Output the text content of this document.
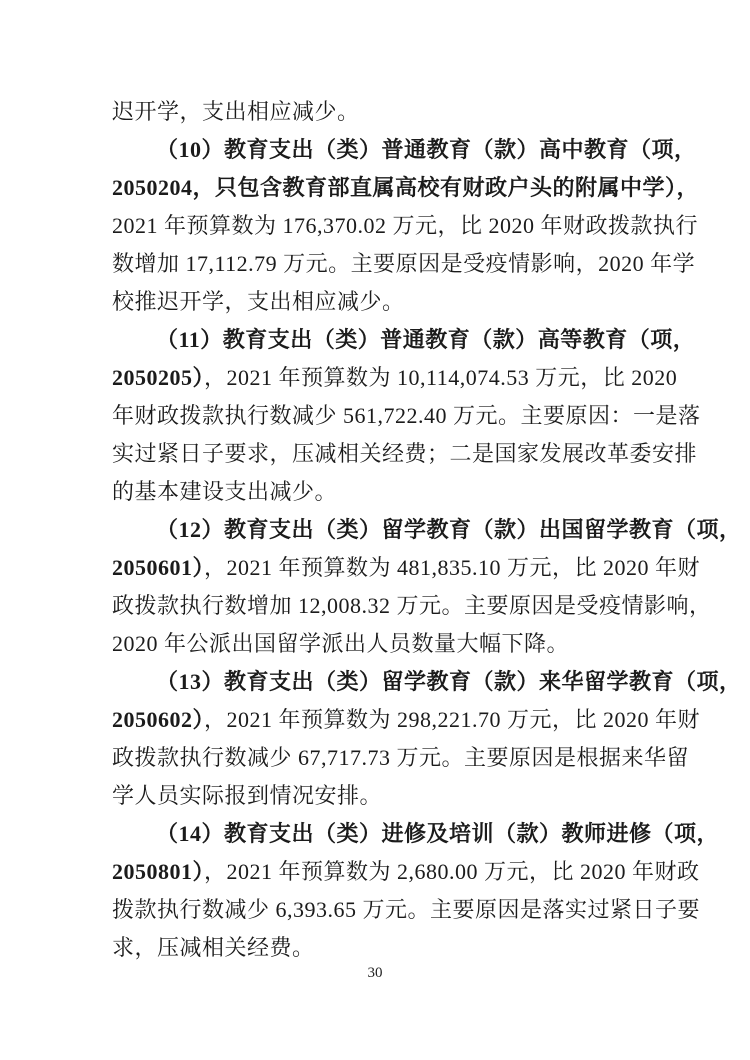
迟开学，支出相应减少。
（10）教育支出（类）普通教育（款）高中教育（项，
2050204，只包含教育部直属高校有财政户头的附属中学），
2021 年预算数为 176,370.02 万元，比 2020 年财政拨款执行
数增加 17,112.79 万元。主要原因是受疫情影响，2020 年学
校推迟开学，支出相应减少。
（11）教育支出（类）普通教育（款）高等教育（项，
2050205），2021 年预算数为 10,114,074.53 万元，比 2020
年财政拨款执行数减少 561,722.40 万元。主要原因：一是落
实过紧日子要求，压减相关经费；二是国家发展改革委安排
的基本建设支出减少。
（12）教育支出（类）留学教育（款）出国留学教育（项，
2050601），2021 年预算数为 481,835.10 万元，比 2020 年财
政拨款执行数增加 12,008.32 万元。主要原因是受疫情影响，
2020 年公派出国留学派出人员数量大幅下降。
（13）教育支出（类）留学教育（款）来华留学教育（项，
2050602），2021 年预算数为 298,221.70 万元，比 2020 年财
政拨款执行数减少 67,717.73 万元。主要原因是根据来华留
学人员实际报到情况安排。
（14）教育支出（类）进修及培训（款）教师进修（项，
2050801），2021 年预算数为 2,680.00 万元，比 2020 年财政
拨款执行数减少 6,393.65 万元。主要原因是落实过紧日子要
求，压减相关经费。
30
